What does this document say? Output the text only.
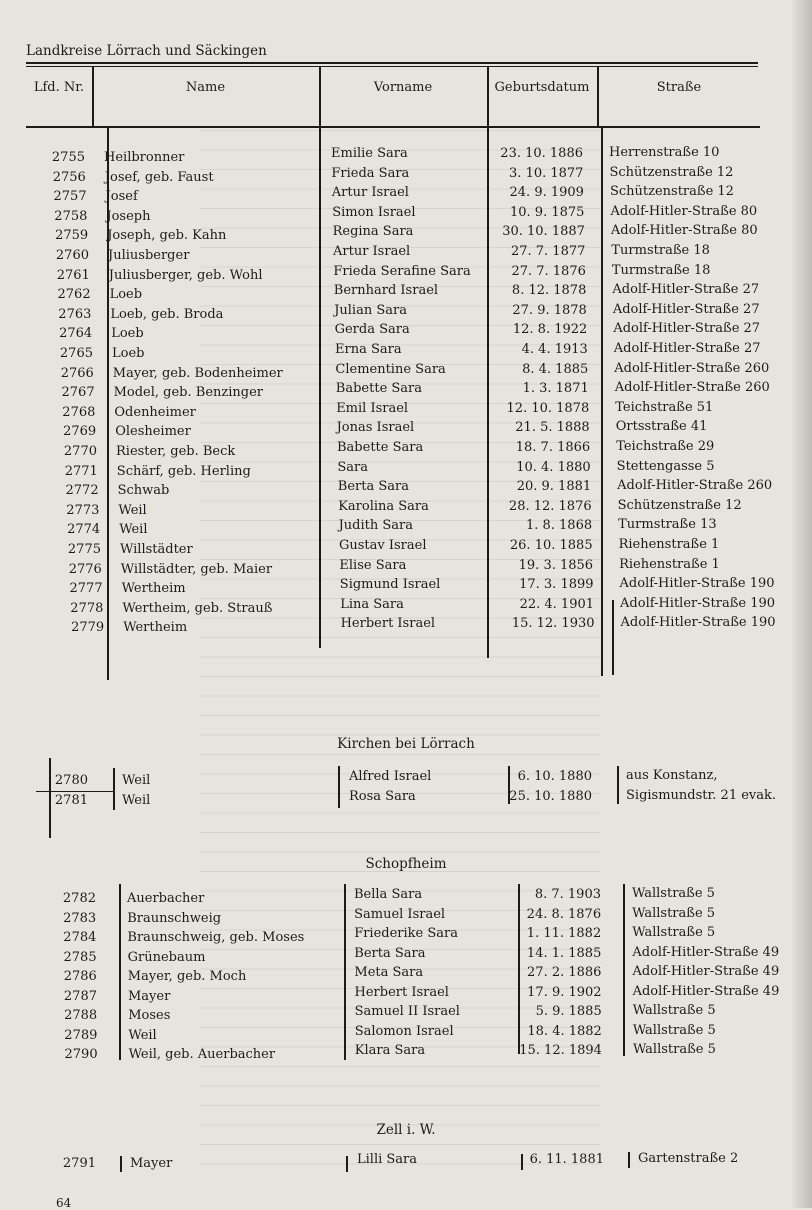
Landkreise Lörrach und Säckingen
Lfd. Nr.	Name	Vorname	Geburtsdatum	Straße
Kirchen bei Lörrach
Schopfheim
Zell i. W.
2755 Heilbronner	Emilie Sara	23. 10. 1886 Herrenstraße 10
2756 Josef, geb. Faust	Frieda Sara	3. 10. 1877 Schützenstraße 12
2757 Josef	Artur Israel	24. 9. 1909 Schützenstraße 12
2758 Joseph	Simon Israel	10. 9. 1875 Adolf-Hitler-Straße 80
2759 Joseph, geb. Kahn	Regina Sara	30. 10. 1887 Adolf-Hitler-Straße 80
2760 Juliusberger	Artur Israel	27. 7. 1877 Turmstraße 18
2761 Juliusberger, geb. Wohl	Frieda Serafine Sara	27. 7. 1876 Turmstraße 18
2762 Loeb	Bernhard Israel	8. 12. 1878 Adolf-Hitler-Straße 27
2763 Loeb, geb. Broda	Julian Sara	27. 9. 1878 Adolf-Hitler-Straße 27
2764 Loeb	Gerda Sara	12. 8. 1922 Adolf-Hitler-Straße 27
2765 Loeb	Erna Sara	4. 4. 1913 Adolf-Hitler-Straße 27
2766 Mayer, geb. Bodenheimer	Clementine Sara	8. 4. 1885 Adolf-Hitler-Straße 260
2767 Model, geb. Benzinger	Babette Sara	1. 3. 1871 Adolf-Hitler-Straße 260
2768 Odenheimer	Emil Israel	12. 10. 1878 Teichstraße 51
2769 Olesheimer	Jonas Israel	21. 5. 1888 Ortsstraße 41
2770 Riester, geb. Beck	Babette Sara	18. 7. 1866 Teichstraße 29
2771 Schärf, geb. Herling	Sara	10. 4. 1880 Stettengasse 5
2772 Schwab	Berta Sara	20. 9. 1881 Adolf-Hitler-Straße 260
2773 Weil	Karolina Sara	28. 12. 1876 Schützenstraße 12
2774 Weil	Judith Sara	1. 8. 1868 Turmstraße 13
2775 Willstädter	Gustav Israel	26. 10. 1885 Riehenstraße 1
2776 Willstädter, geb. Maier	Elise Sara	19. 3. 1856 Riehenstraße 1
2777 Wertheim	Sigmund Israel	17. 3. 1899 Adolf-Hitler-Straße 190
2778 Wertheim, geb. Strauß	Lina Sara	22. 4. 1901 Adolf-Hitler-Straße 190
2779 Wertheim	Herbert Israel	15. 12. 1930 Adolf-Hitler-Straße 190
2780	Weil	Alfred Israel	6. 10. 1880	aus Konstanz,
2781	Weil	Rosa Sara	25. 10. 1880	Sigismundstr. 21 evak.
2782 Auerbacher	Bella Sara	8. 7. 1903 Wallstraße 5
2783 Braunschweig	Samuel Israel	24. 8. 1876 Wallstraße 5
2784 Braunschweig, geb. Moses	Friederike Sara	1. 11. 1882 Wallstraße 5
2785 Grünebaum	Berta Sara	14. 1. 1885 Adolf-Hitler-Straße 49
2786 Mayer, geb. Moch	Meta Sara	27. 2. 1886 Adolf-Hitler-Straße 49
2787 Mayer	Herbert Israel	17. 9. 1902 Adolf-Hitler-Straße 49
2788 Moses	Samuel II Israel	5. 9. 1885 Wallstraße 5
2789 Weil	Salomon Israel	18. 4. 1882 Wallstraße 5
2790 Weil, geb. Auerbacher	Klara Sara	15. 12. 1894 Wallstraße 5
2791	Mayer	Lilli Sara	6. 11. 1881	Gartenstraße 2
64
